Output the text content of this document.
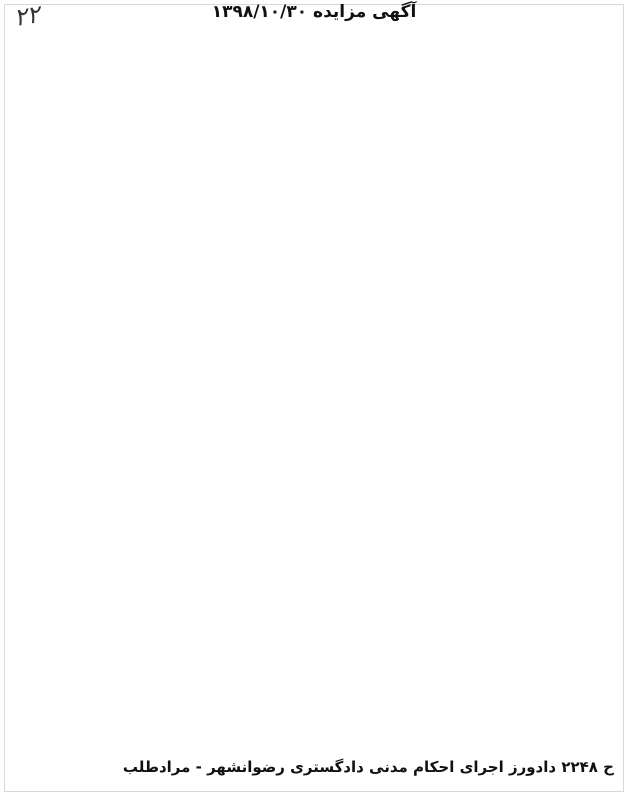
۲۲	آگهی مزایده ۱۳۹۸/۱۰/۳۰
ح ۲۲۴۸ دادورز اجرای احکام مدنی دادگستری رضوانشهر - مرادطلب
